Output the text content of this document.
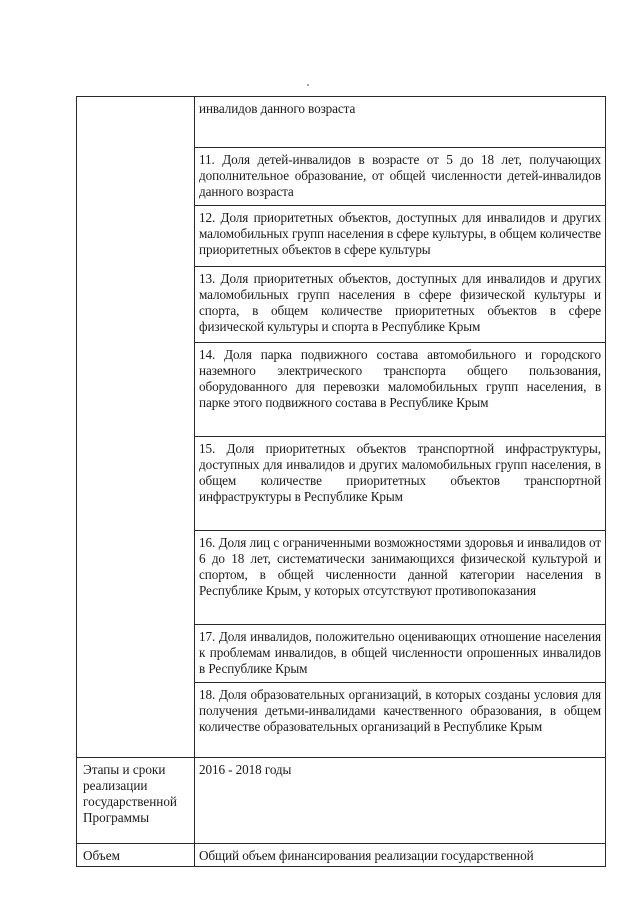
	инвалидов данного возраста

	11. Доля детей-инвалидов в возрасте от 5 до 18 лет, получающих дополнительное образование, от общей численности детей-инвалидов данного возраста

	12. Доля приоритетных объектов, доступных для инвалидов и других маломобильных групп населения в сфере культуры, в общем количестве приоритетных объектов в сфере культуры

	13. Доля приоритетных объектов, доступных для инвалидов и других маломобильных групп населения в сфере физической культуры и спорта, в общем количестве приоритетных объектов в сфере физической культуры и спорта в Республике Крым

	14. Доля парка подвижного состава автомобильного и городского наземного электрического транспорта общего пользования, оборудованного для перевозки маломобильных групп населения, в парке этого подвижного состава в Республике Крым

	15. Доля приоритетных объектов транспортной инфраструктуры, доступных для инвалидов и других маломобильных групп населения, в общем количестве приоритетных объектов транспортной инфраструктуры в Республике Крым

	16. Доля лиц с ограниченными возможностями здоровья и инвалидов от 6 до 18 лет, систематически занимающихся физической культурой и спортом, в общей численности данной категории населения в Республике Крым, у которых отсутствуют противопоказания

	17. Доля инвалидов, положительно оценивающих отношение населения к проблемам инвалидов, в общей численности опрошенных инвалидов в Республике Крым

	18. Доля образовательных организаций, в которых созданы условия для получения детьми-инвалидами качественного образования, в общем количестве образовательных организаций в Республике Крым

Этапы и сроки реализации государственной Программы	2016 - 2018 годы

Объем	Общий объем финансирования реализации государственной
